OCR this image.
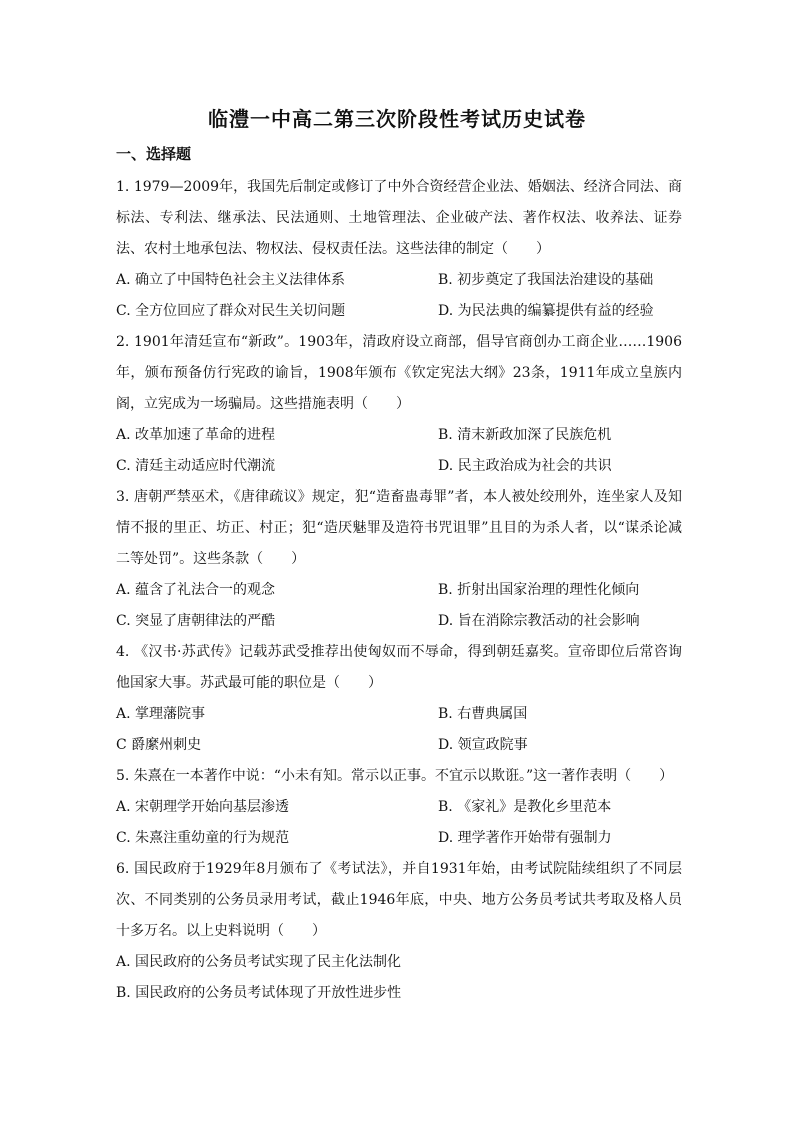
临澧一中高二第三次阶段性考试历史试卷
一、选择题

1. 1979—2009年，我国先后制定或修订了中外合资经营企业法、婚姻法、经济合同法、商标法、专利法、继承法、民法通则、土地管理法、企业破产法、著作权法、收养法、证券法、农村土地承包法、物权法、侵权责任法。这些法律的制定（　　）

A. 确立了中国特色社会主义法律体系	B. 初步奠定了我国法治建设的基础
C. 全方位回应了群众对民生关切问题	D. 为民法典的编纂提供有益的经验

2. 1901年清廷宣布“新政”。1903年，清政府设立商部，倡导官商创办工商企业……1906年，颁布预备仿行宪政的谕旨，1908年颁布《钦定宪法大纲》23条，1911年成立皇族内阁，立宪成为一场骗局。这些措施表明（　　）

A. 改革加速了革命的进程	B. 清末新政加深了民族危机
C. 清廷主动适应时代潮流	D. 民主政治成为社会的共识

3. 唐朝严禁巫术，《唐律疏议》规定，犯“造畜蛊毒罪”者，本人被处绞刑外，连坐家人及知情不报的里正、坊正、村正；犯“造厌魅罪及造符书咒诅罪”且目的为杀人者，以“谋杀论减二等处罚”。这些条款（　　）

A. 蕴含了礼法合一的观念	B. 折射出国家治理的理性化倾向
C. 突显了唐朝律法的严酷	D. 旨在消除宗教活动的社会影响

4. 《汉书·苏武传》记载苏武受推荐出使匈奴而不辱命，得到朝廷嘉奖。宣帝即位后常咨询他国家大事。苏武最可能的职位是（　　）

A. 掌理藩院事	B. 右曹典属国
C 爵縻州刺史	D. 领宣政院事

5. 朱熹在一本著作中说：“小未有知。常示以正事。不宜示以欺诳。”这一著作表明（　　）

A. 宋朝理学开始向基层渗透	B. 《家礼》是教化乡里范本
C. 朱熹注重幼童的行为规范	D. 理学著作开始带有强制力

6. 国民政府于1929年8月颁布了《考试法》，并自1931年始，由考试院陆续组织了不同层次、不同类别的公务员录用考试，截止1946年底，中央、地方公务员考试共考取及格人员十多万名。以上史料说明（　　）

A. 国民政府的公务员考试实现了民主化法制化
B. 国民政府的公务员考试体现了开放性进步性
